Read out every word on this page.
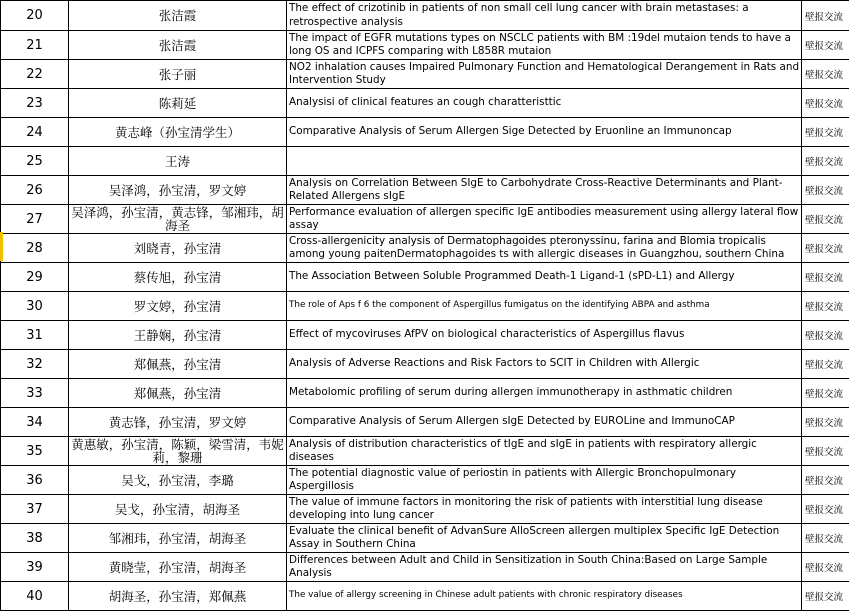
20	张洁霞	The effect of crizotinib in patients of non small cell lung cancer with brain metastases: a retrospective analysis	壁报交流
21	张洁霞	The impact of EGFR mutations types on NSCLC patients with BM :19del mutaion tends to have a long OS and ICPFS comparing with L858R mutaion	壁报交流
22	张子丽	NO2 inhalation causes Impaired Pulmonary Function and Hematological Derangement in Rats and Intervention Study	壁报交流
23	陈莉延	Analysisi of clinical features an cough charatteristtic	壁报交流
24	黄志峰（孙宝清学生）	Comparative Analysis of Serum Allergen Sige Detected by Eruonline an Immunoncap	壁报交流
25	王涛		壁报交流
26	吴泽鸿，孙宝清，罗文婷	Analysis on Correlation Between SIgE to Carbohydrate Cross-Reactive Determinants and Plant-Related Allergens sIgE	壁报交流
27	吴泽鸿，孙宝清，黄志锋，邹湘玮，胡海圣	Performance evaluation of allergen specific IgE antibodies measurement using allergy lateral flow assay	壁报交流
28	刘晓青，孙宝清	Cross-allergenicity analysis of Dermatophagoides pteronyssinu, farina and Blomia tropicalis among young paitenDermatophagoides ts with allergic diseases in Guangzhou, southern China	壁报交流
29	蔡传旭，孙宝清	The Association Between Soluble Programmed Death-1 Ligand-1 (sPD-L1) and Allergy	壁报交流
30	罗文婷，孙宝清	The role of Aps f 6 the component of Aspergillus fumigatus on the identifying ABPA and asthma	壁报交流
31	王静娴，孙宝清	Effect of mycoviruses AfPV on biological characteristics of Aspergillus flavus	壁报交流
32	郑佩燕，孙宝清	Analysis of Adverse Reactions and Risk Factors to SCIT in Children with Allergic	壁报交流
33	郑佩燕，孙宝清	Metabolomic profiling of serum during allergen immunotherapy in asthmatic children	壁报交流
34	黄志锋，孙宝清，罗文婷	Comparative Analysis of Serum Allergen sIgE Detected by EUROLine and ImmunoCAP	壁报交流
35	黄惠敏，孙宝清，陈颖，梁雪清，韦妮莉，黎珊	Analysis of distribution characteristics of tIgE and sIgE in patients with respiratory allergic diseases	壁报交流
36	吴戈，孙宝清，李璐	The potential diagnostic value of periostin in patients with Allergic Bronchopulmonary Aspergillosis	壁报交流
37	吴戈，孙宝清，胡海圣	The value of immune factors in monitoring the risk of patients with interstitial lung disease developing into lung cancer	壁报交流
38	邹湘玮，孙宝清，胡海圣	Evaluate the clinical benefit of AdvanSure AlloScreen allergen multiplex Specific IgE Detection Assay in Southern China	壁报交流
39	黄晓莹，孙宝清，胡海圣	Differences between Adult and Child in Sensitization in South China:Based on Large Sample Analysis	壁报交流
40	胡海圣，孙宝清，郑佩燕	The value of allergy screening in Chinese adult patients with chronic respiratory diseases	壁报交流
